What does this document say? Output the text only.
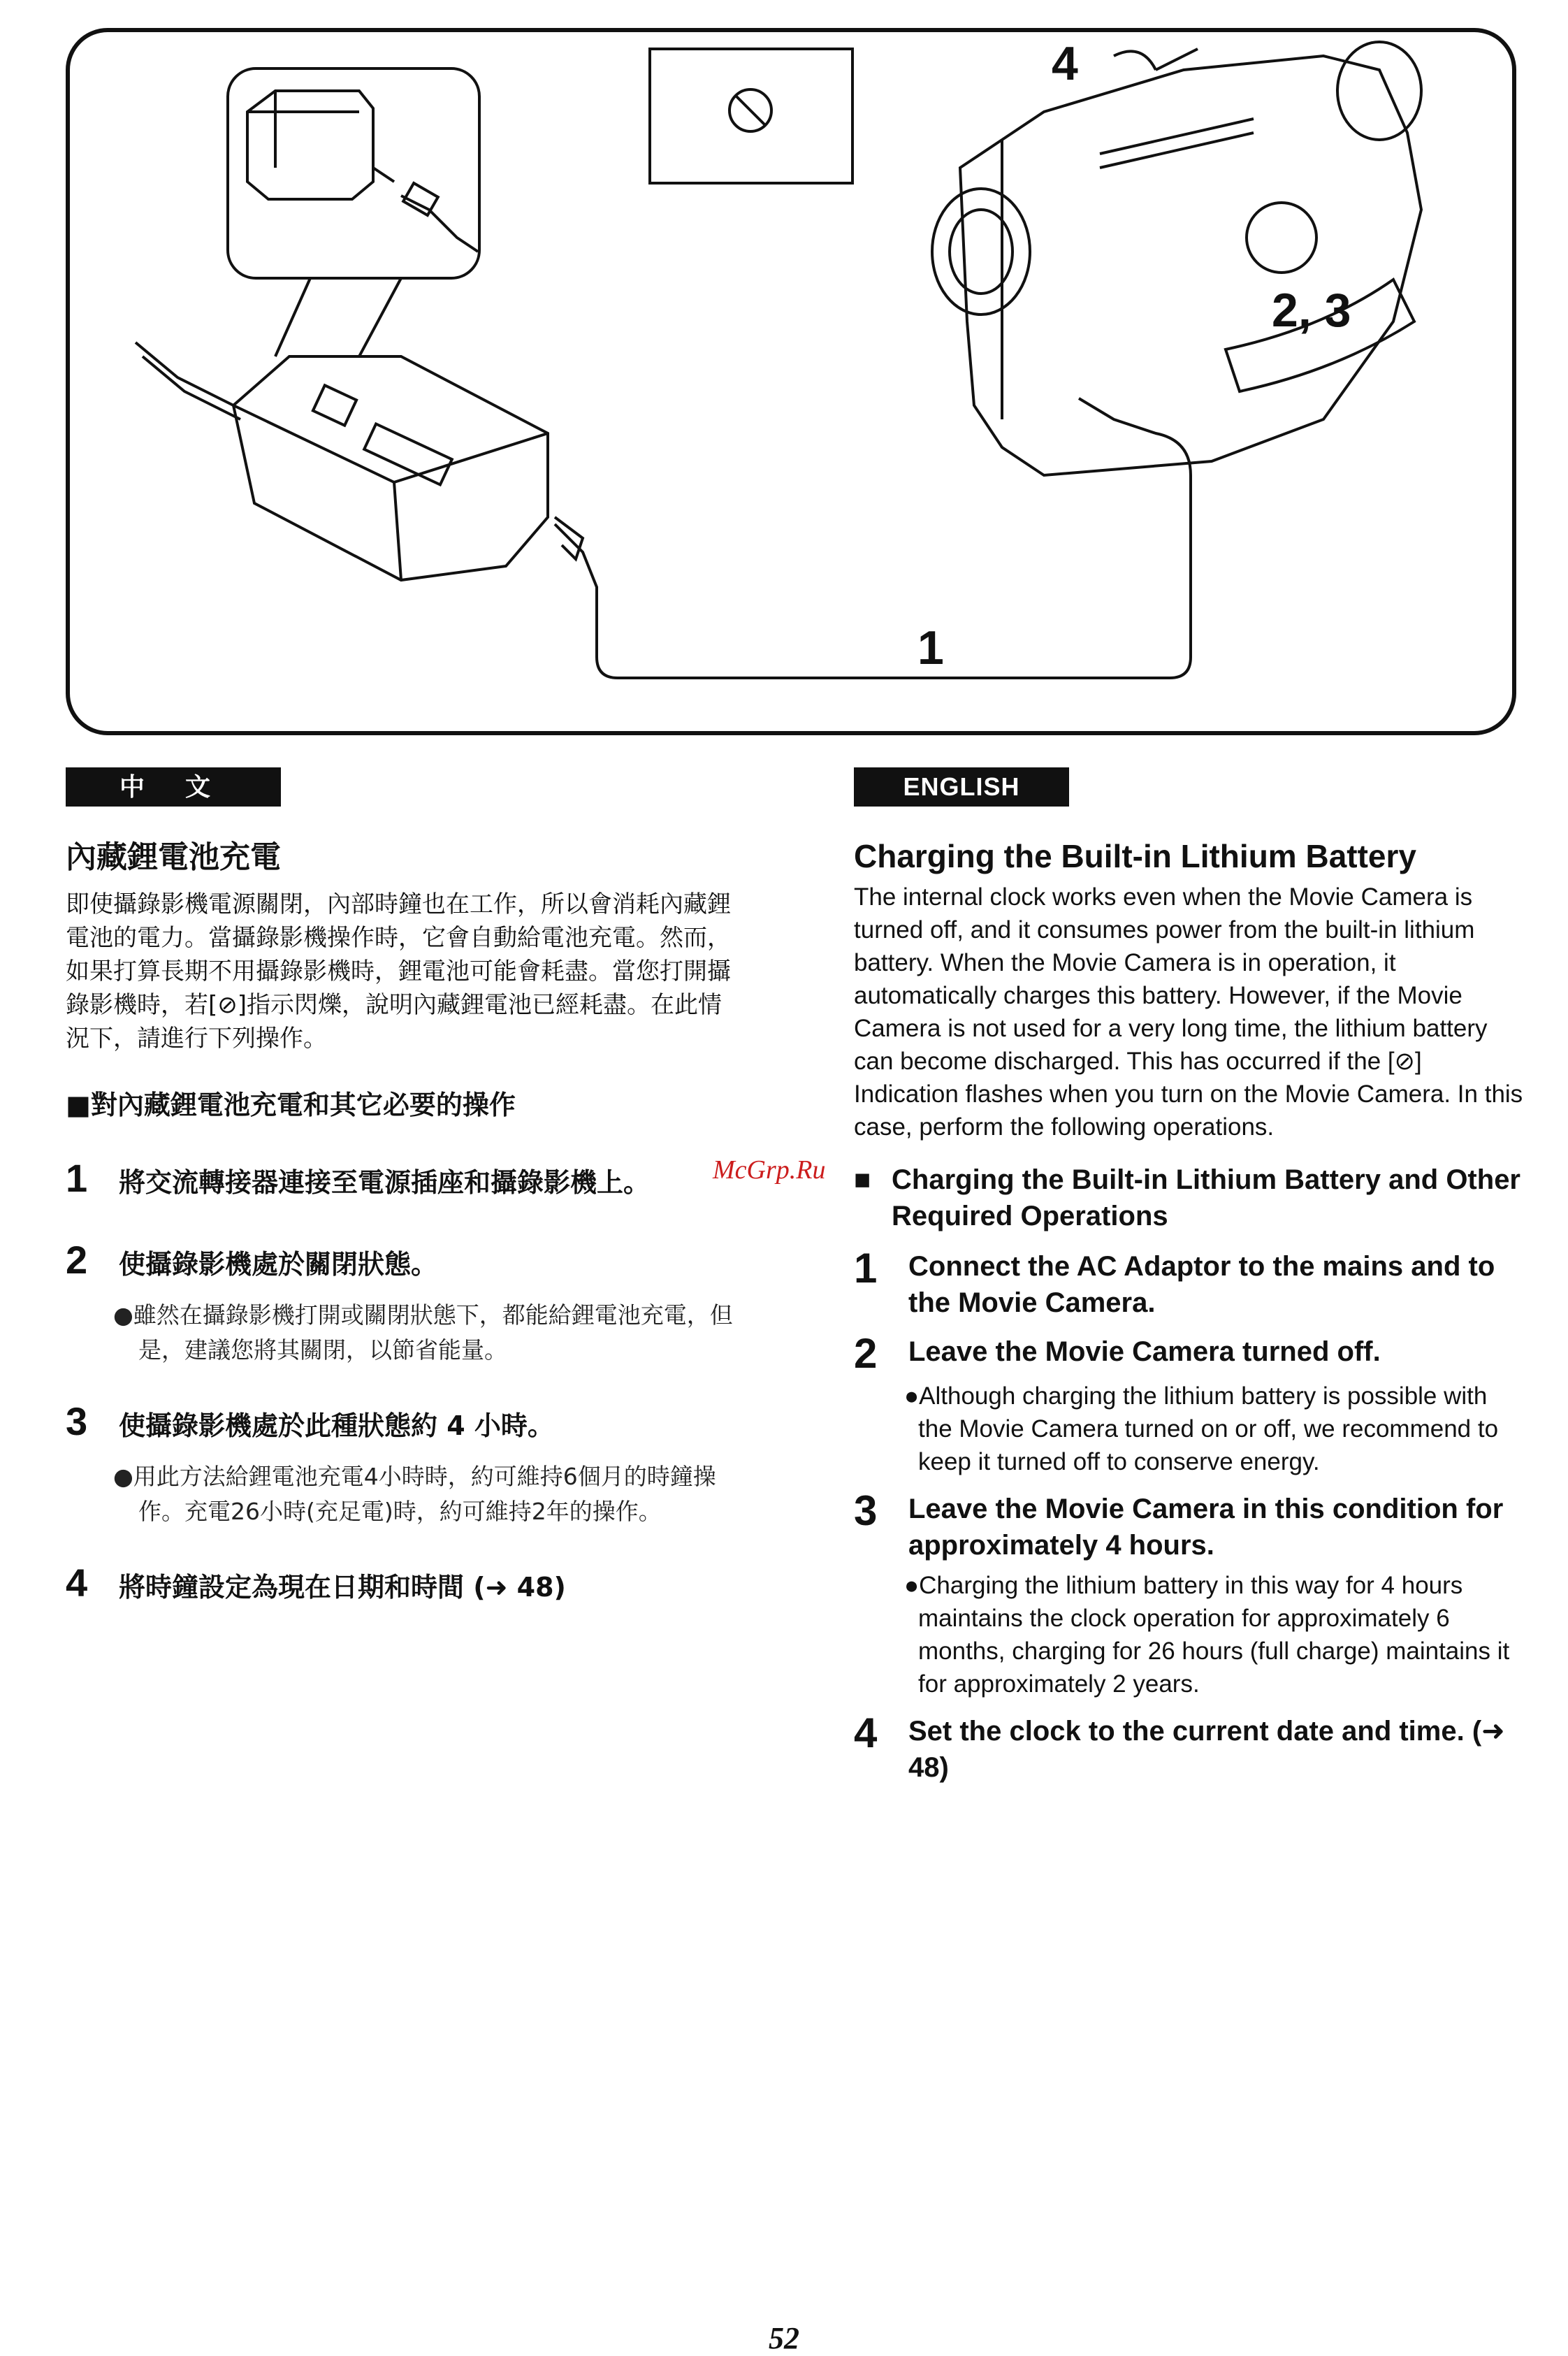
4
2, 3
1
中 文
內藏鋰電池充電

即使攝錄影機電源關閉，內部時鐘也在工作，所以會消耗內藏鋰電池的電力。當攝錄影機操作時，它會自動給電池充電。然而，如果打算長期不用攝錄影機時，鋰電池可能會耗盡。當您打開攝錄影機時，若[⊘]指示閃爍，說明內藏鋰電池已經耗盡。在此情況下，請進行下列操作。

■對內藏鋰電池充電和其它必要的操作
1	將交流轉接器連接至電源插座和攝錄影機上。
2	使攝錄影機處於關閉狀態。

●雖然在攝錄影機打開或關閉狀態下，都能給鋰電池充電，但是，建議您將其關閉，以節省能量。

3	使攝錄影機處於此種狀態約 4 小時。

●用此方法給鋰電池充電4小時時，約可維持6個月的時鐘操作。充電26小時(充足電)時，約可維持2年的操作。

4	將時鐘設定為現在日期和時間 (➜ 48)
ENGLISH
Charging the Built-in Lithium Battery

The internal clock works even when the Movie Camera is turned off, and it consumes power from the built-in lithium battery. When the Movie Camera is in operation, it automatically charges this battery. However, if the Movie Camera is not used for a very long time, the lithium battery can become discharged. This has occurred if the [⊘] Indication flashes when you turn on the Movie Camera. In this case, perform the following operations.

■ Charging the Built-in Lithium Battery and Other Required Operations
1	Connect the AC Adaptor to the mains and to the Movie Camera.
2	Leave the Movie Camera turned off.

●Although charging the lithium battery is possible with the Movie Camera turned on or off, we recommend to keep it turned off to conserve energy.

3	Leave the Movie Camera in this condition for approximately 4 hours.

●Charging the lithium battery in this way for 4 hours maintains the clock operation for approximately 6 months, charging for 26 hours (full charge) maintains it for approximately 2 years.

4	Set the clock to the current date and time. (➜ 48)
McGrp.Ru
52
